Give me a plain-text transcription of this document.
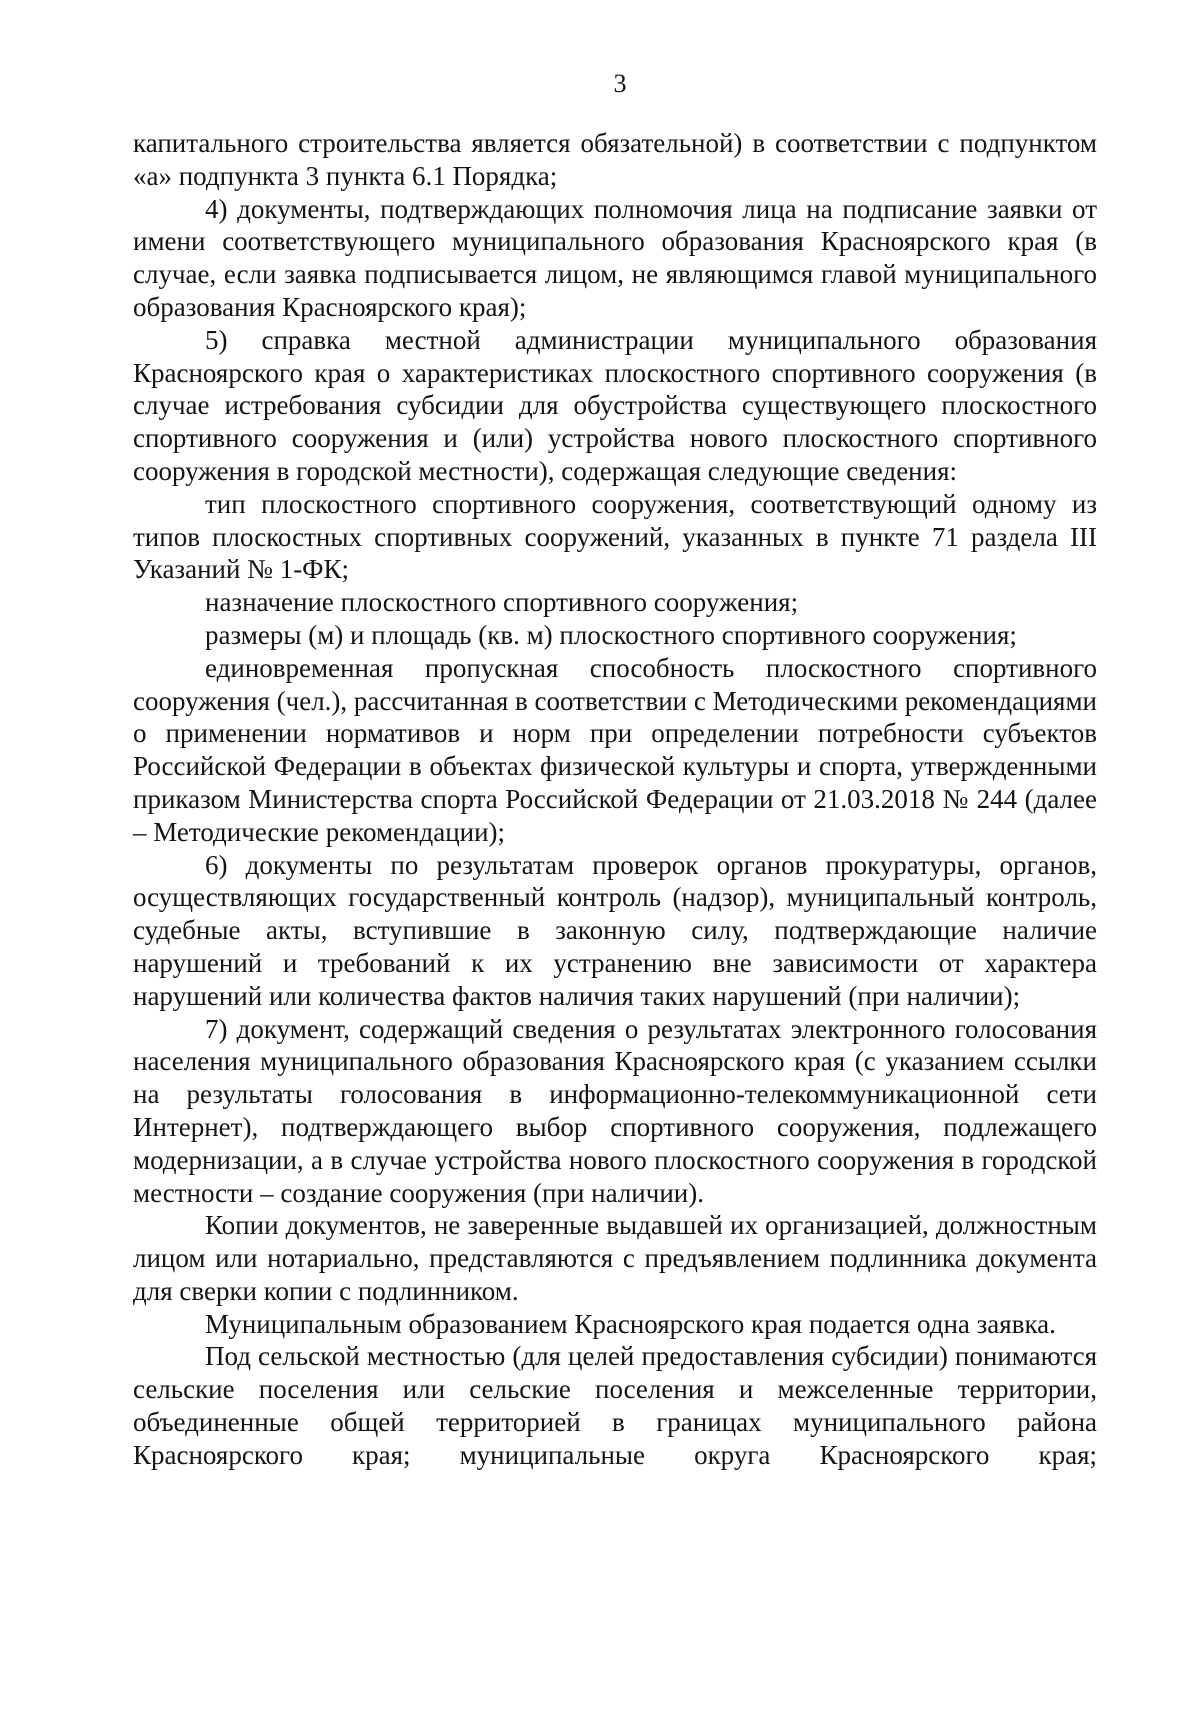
3

капитального строительства является обязательной) в соответствии с подпунктом «а» подпункта 3 пункта 6.1 Порядка;

4) документы, подтверждающих полномочия лица на подписание заявки от имени соответствующего муниципального образования Красноярского края (в случае, если заявка подписывается лицом, не являющимся главой муниципального образования Красноярского края);

5) справка местной администрации муниципального образования Красноярского края о характеристиках плоскостного спортивного сооружения (в случае истребования субсидии для обустройства существующего плоскостного спортивного сооружения и (или) устройства нового плоскостного спортивного сооружения в городской местности), содержащая следующие сведения:

тип плоскостного спортивного сооружения, соответствующий одному из типов плоскостных спортивных сооружений, указанных в пункте 71 раздела III Указаний № 1-ФК;

назначение плоскостного спортивного сооружения;

размеры (м) и площадь (кв. м) плоскостного спортивного сооружения;

единовременная пропускная способность плоскостного спортивного сооружения (чел.), рассчитанная в соответствии с Методическими рекомендациями о применении нормативов и норм при определении потребности субъектов Российской Федерации в объектах физической культуры и спорта, утвержденными приказом Министерства спорта Российской Федерации от 21.03.2018 № 244 (далее – Методические рекомендации);

6) документы по результатам проверок органов прокуратуры, органов, осуществляющих государственный контроль (надзор), муниципальный контроль, судебные акты, вступившие в законную силу, подтверждающие наличие нарушений и требований к их устранению вне зависимости от характера нарушений или количества фактов наличия таких нарушений (при наличии);

7) документ, содержащий сведения о результатах электронного голосования населения муниципального образования Красноярского края (с указанием ссылки на результаты голосования в информационно-телекоммуникационной сети Интернет), подтверждающего выбор спортивного сооружения, подлежащего модернизации, а в случае устройства нового плоскостного сооружения в городской местности – создание сооружения (при наличии).

Копии документов, не заверенные выдавшей их организацией, должностным лицом или нотариально, представляются с предъявлением подлинника документа для сверки копии с подлинником.

Муниципальным образованием Красноярского края подается одна заявка.

Под сельской местностью (для целей предоставления субсидии) понимаются сельские поселения или сельские поселения и межселенные территории, объединенные общей территорией в границах муниципального района Красноярского края; муниципальные округа Красноярского края;
